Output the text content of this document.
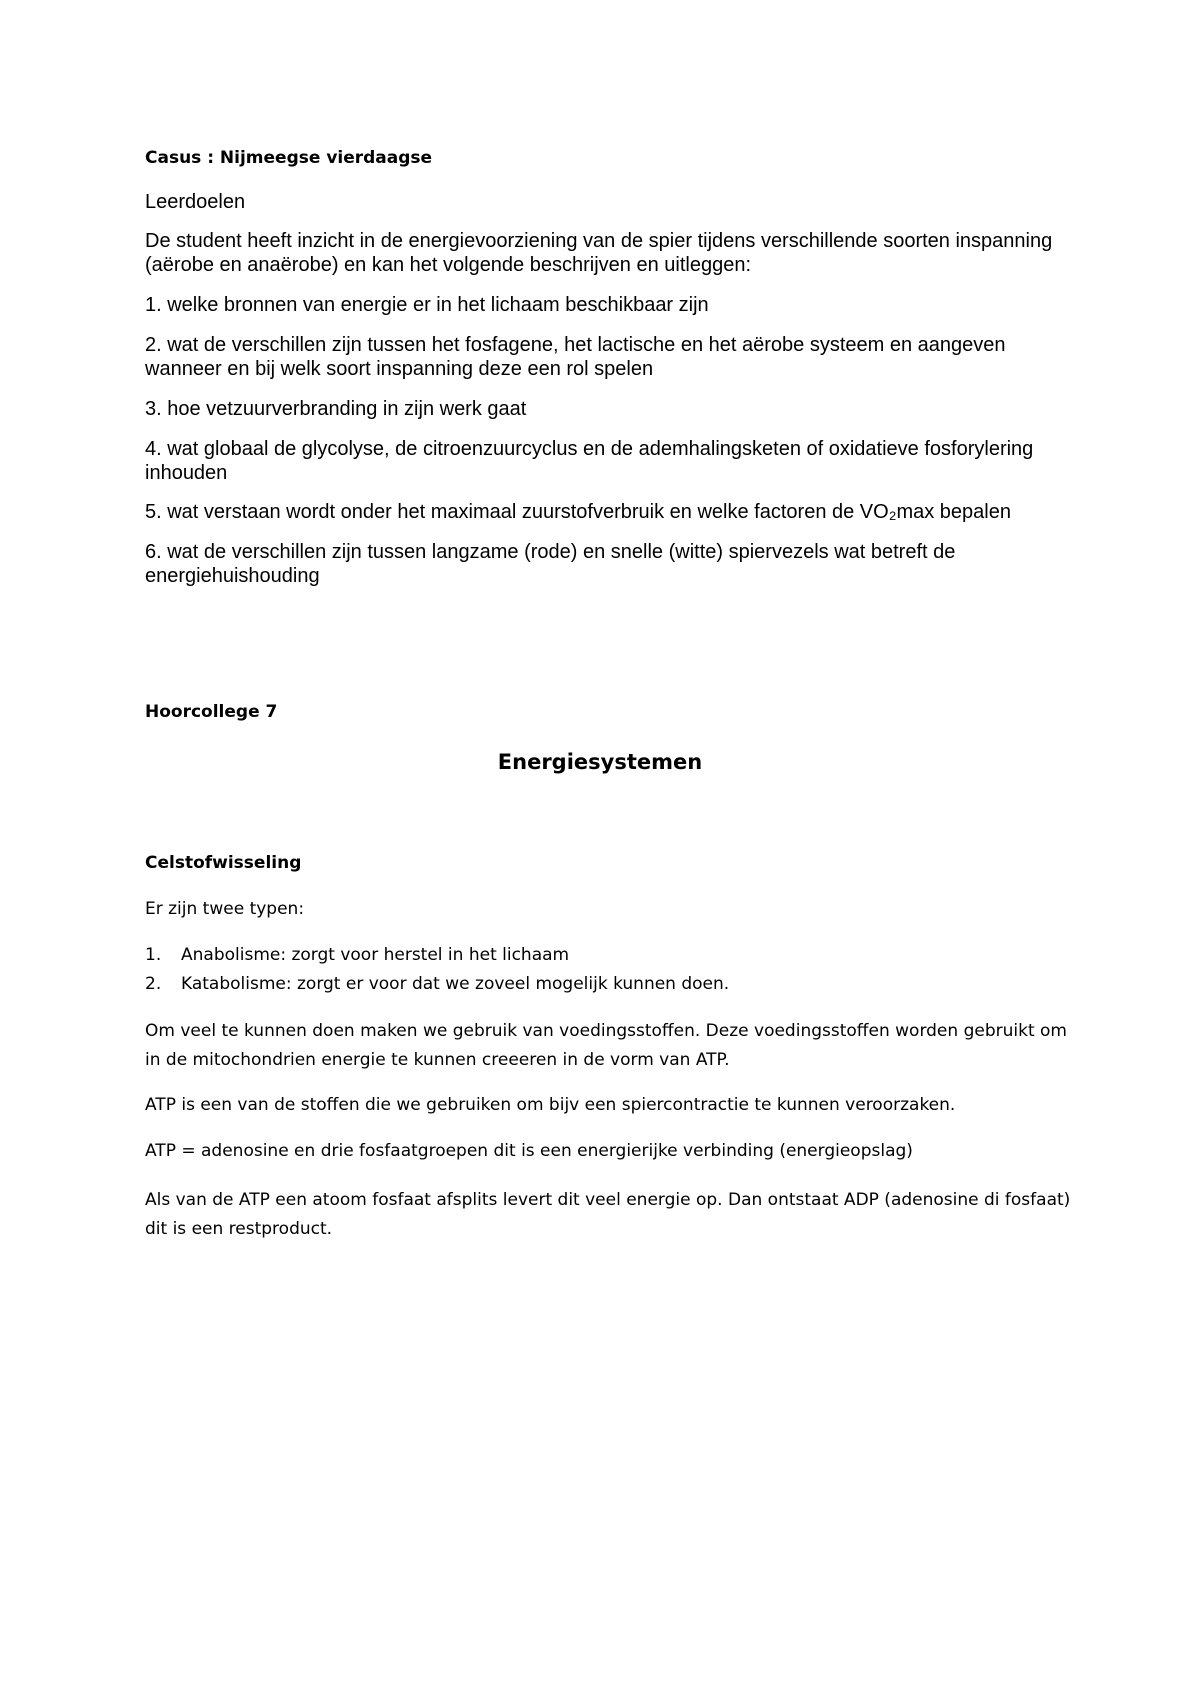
Casus : Nijmeegse vierdaagse

Leerdoelen

De student heeft inzicht in de energievoorziening van de spier tijdens verschillende soorten inspanning (aërobe en anaërobe) en kan het volgende beschrijven en uitleggen:

1. welke bronnen van energie er in het lichaam beschikbaar zijn

2. wat de verschillen zijn tussen het fosfagene, het lactische en het aërobe systeem en aangeven wanneer en bij welk soort inspanning deze een rol spelen

3. hoe vetzuurverbranding in zijn werk gaat

4. wat globaal de glycolyse, de citroenzuurcyclus en de ademhalingsketen of oxidatieve fosforylering inhouden

5. wat verstaan wordt onder het maximaal zuurstofverbruik en welke factoren de VO₂max bepalen

6. wat de verschillen zijn tussen langzame (rode) en snelle (witte) spiervezels wat betreft de energiehuishouding

Hoorcollege 7

Energiesystemen

Celstofwisseling

Er zijn twee typen:

1.	Anabolisme: zorgt voor herstel in het lichaam
2.	Katabolisme: zorgt er voor dat we zoveel mogelijk kunnen doen.

Om veel te kunnen doen maken we gebruik van voedingsstoffen. Deze voedingsstoffen worden gebruikt om in de mitochondrien energie te kunnen creeeren in de vorm van ATP.

ATP is een van de stoffen die we gebruiken om bijv een spiercontractie te kunnen veroorzaken.

ATP = adenosine en drie fosfaatgroepen dit is een energierijke verbinding (energieopslag)

Als van de ATP een atoom fosfaat afsplits levert dit veel energie op. Dan ontstaat ADP (adenosine di fosfaat) dit is een restproduct.
